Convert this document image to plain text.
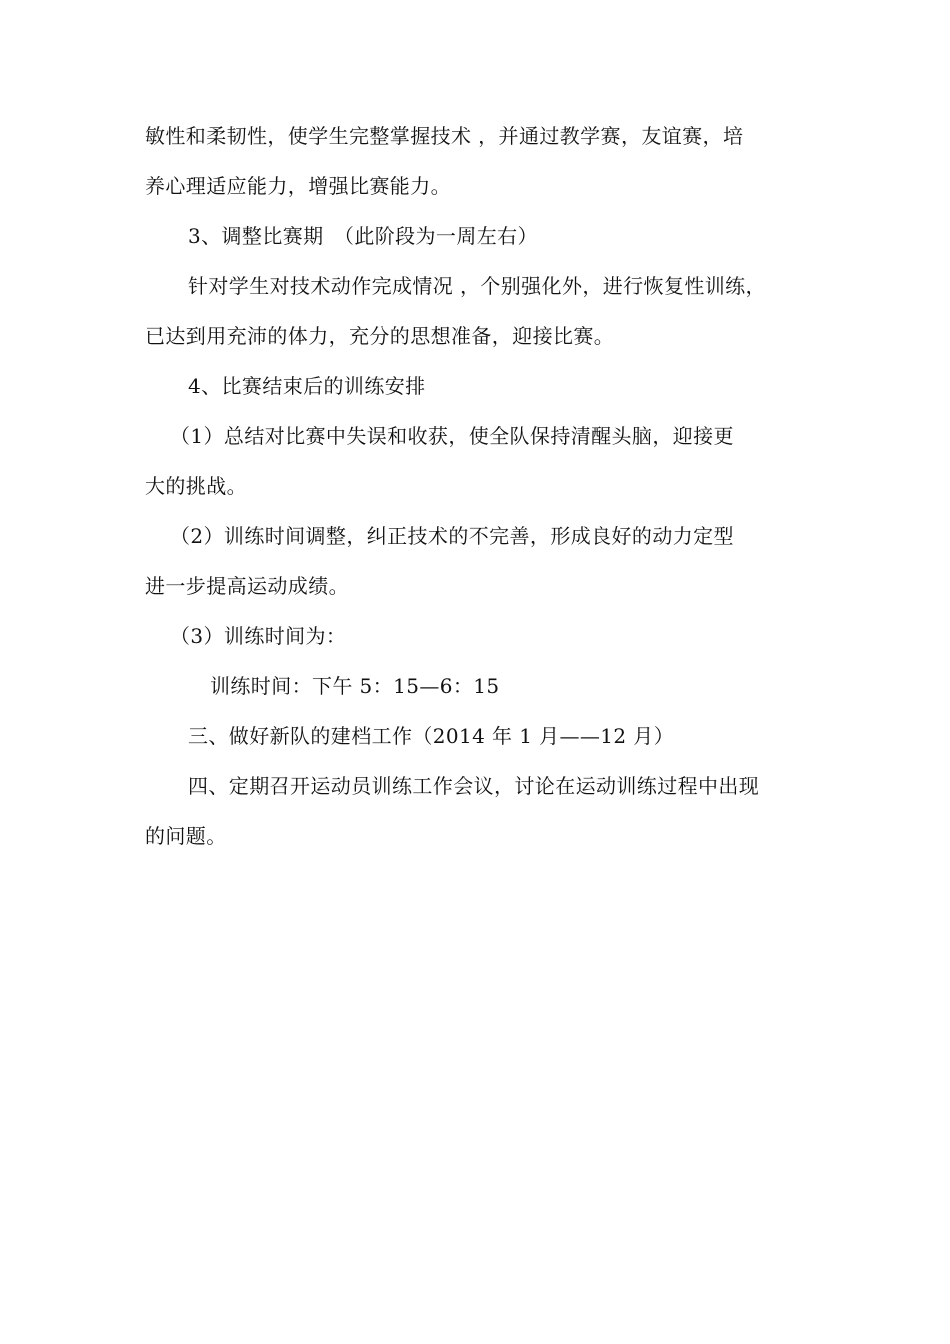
敏性和柔韧性，使学生完整掌握技术 ，并通过教学赛，友谊赛，培
养心理适应能力，增强比赛能力。
3、调整比赛期　（此阶段为一周左右）
针对学生对技术动作完成情况 ，个别强化外，进行恢复性训练，
已达到用充沛的体力，充分的思想准备，迎接比赛。
4、比赛结束后的训练安排
（1）总结对比赛中失误和收获，使全队保持清醒头脑，迎接更
大的挑战。
（2）训练时间调整，纠正技术的不完善，形成良好的动力定型
进一步提高运动成绩。
（3）训练时间为：
训练时间：下午 5：15—6：15
三、做好新队的建档工作（2014 年 1 月——12 月）
四、定期召开运动员训练工作会议，讨论在运动训练过程中出现
的问题。
